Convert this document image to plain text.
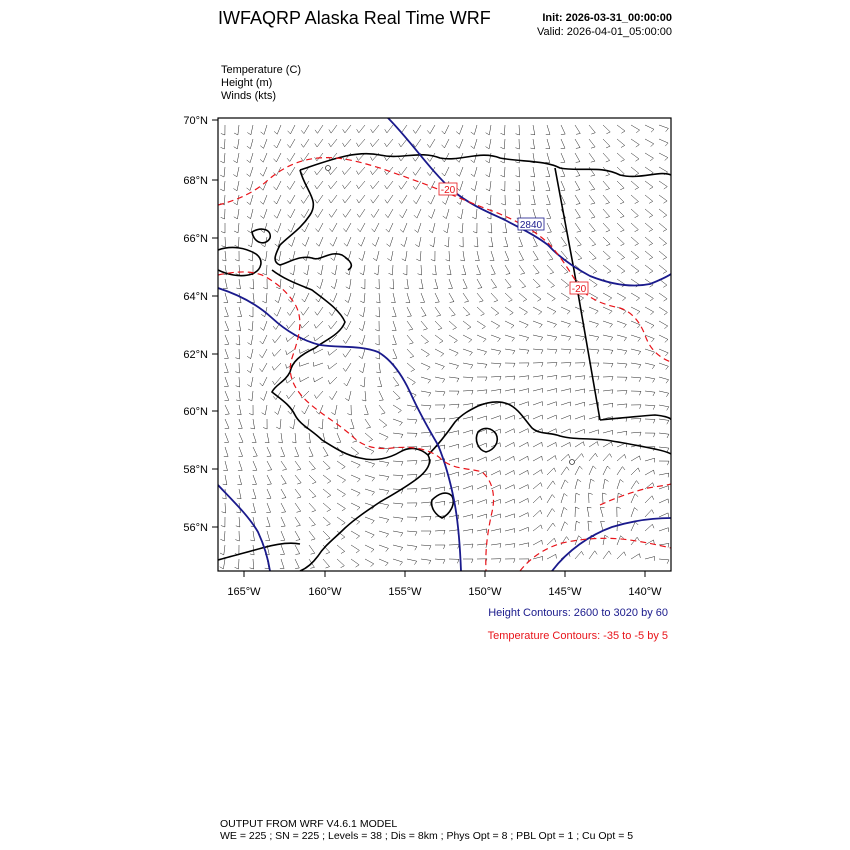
IWFAQRP Alaska Real Time WRF	Init: 2026-03-31_00:00:00
Valid: 2026-04-01_05:00:00
Temperature (C)
Height (m)
Winds (kts)
70°N
68°N
66°N
64°N
62°N
60°N
58°N
56°N
165°W	160°W	155°W	150°W	145°W	140°W
-20
2840
-20
Height Contours: 2600 to 3020 by 60
Temperature Contours: -35 to -5 by 5
OUTPUT FROM WRF V4.6.1 MODEL
WE = 225 ; SN = 225 ; Levels = 38 ; Dis = 8km ; Phys Opt = 8 ; PBL Opt = 1 ; Cu Opt = 5
